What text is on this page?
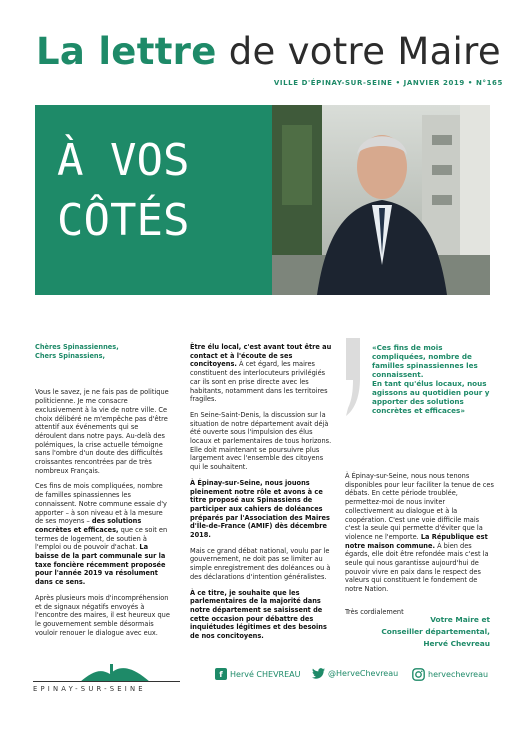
La lettre de votre Maire
VILLE D'ÉPINAY-SUR-SEINE • JANVIER 2019 • N°165
À VOS
CÔTÉS

Chères Spinassiennes,
Chers Spinassiens,

Vous le savez, je ne fais pas de politique politicienne. Je me consacre exclusivement à la vie de notre ville. Ce choix délibéré ne m'empêche pas d'être attentif aux événements qui se déroulent dans notre pays. Au-delà des polémiques, la crise actuelle témoigne sans l'ombre d'un doute des difficultés croissantes rencontrées par de très nombreux Français.

Ces fins de mois compliquées, nombre de familles spinassiennes les connaissent. Notre commune essaie d'y apporter – à son niveau et à la mesure de ses moyens – des solutions concrètes et efficaces, que ce soit en termes de logement, de soutien à l'emploi ou de pouvoir d'achat. La baisse de la part communale sur la taxe foncière récemment proposée pour l'année 2019 va résolument dans ce sens.

Après plusieurs mois d'incompréhension et de signaux négatifs envoyés à l'encontre des maires, il est heureux que le gouvernement semble désormais vouloir renouer le dialogue avec eux.

Être élu local, c'est avant tout être au contact et à l'écoute de ses concitoyens. À cet égard, les maires constituent des interlocuteurs privilégiés car ils sont en prise directe avec les habitants, notamment dans les territoires fragiles.

En Seine-Saint-Denis, la discussion sur la situation de notre département avait déjà été ouverte sous l'impulsion des élus locaux et parlementaires de tous horizons. Elle doit maintenant se poursuivre plus largement avec l'ensemble des citoyens qui le souhaitent.

À Épinay-sur-Seine, nous jouons pleinement notre rôle et avons à ce titre proposé aux Spinassiens de participer aux cahiers de doléances préparés par l'Association des Maires d'Île-de-France (AMIF) dès décembre 2018.

Mais ce grand débat national, voulu par le gouvernement, ne doit pas se limiter au simple enregistrement des doléances ou à des déclarations d'intention généralistes.

À ce titre, je souhaite que les parlementaires de la majorité dans notre département se saisissent de cette occasion pour débattre des inquiétudes légitimes et des besoins de nos concitoyens.

«Ces fins de mois compliquées, nombre de familles spinassiennes les connaissent.
En tant qu'élus locaux, nous agissons au quotidien pour y apporter des solutions concrètes et efficaces»

À Épinay-sur-Seine, nous nous tenons disponibles pour leur faciliter la tenue de ces débats. En cette période troublée, permettez-moi de nous inviter collectivement au dialogue et à la coopération. C'est une voie difficile mais c'est la seule qui permette d'éviter que la violence ne l'emporte. La République est notre maison commune. À bien des égards, elle doit être refondée mais c'est la seule qui nous garantisse aujourd'hui de pouvoir vivre en paix dans le respect des valeurs qui constituent le fondement de notre Nation.

Très cordialement

Votre Maire et
Conseiller départemental,
Hervé Chevreau
EPINAY-SUR-SEINE
f Hervé CHEVREAU	@HerveChevreau	hervechevreau
